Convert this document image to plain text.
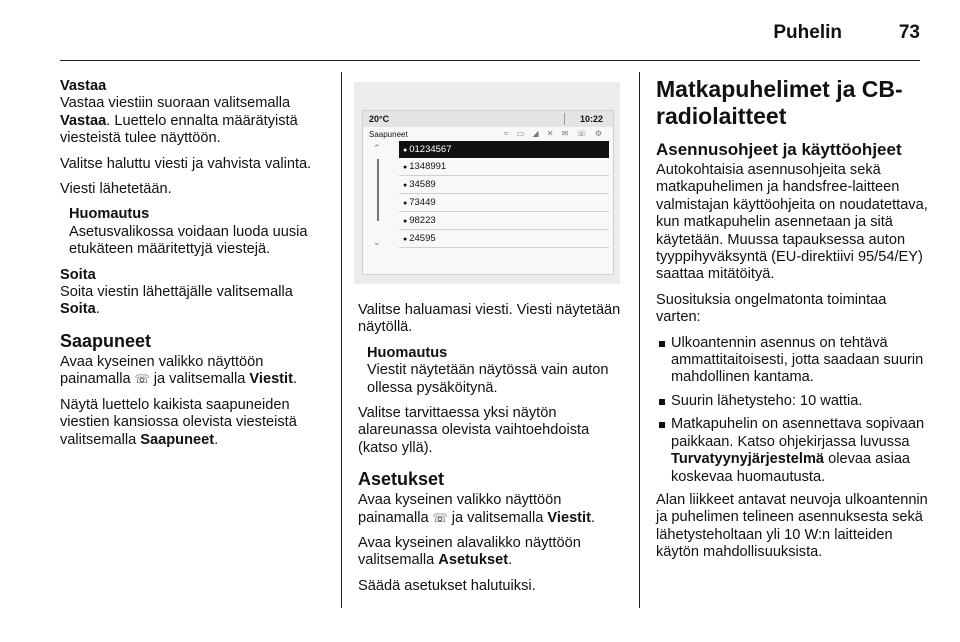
Puhelin	73

Vastaa

Vastaa viestiin suoraan valitsemalla Vastaa. Luettelo ennalta määrätyistä viesteistä tulee näyttöön.

Valitse haluttu viesti ja vahvista valinta.

Viesti lähetetään.

Huomautus
Asetusvalikossa voidaan luoda uusia etukäteen määritettyjä viestejä.

Soita

Soita viestin lähettäjälle valitsemalla Soita.

Saapuneet

Avaa kyseinen valikko näyttöön painamalla ☏ ja valitsemalla Viestit.

Näytä luettelo kaikista saapuneiden viestien kansiossa olevista viesteistä valitsemalla Saapuneet.

20°C	10:22
Saapuneet	≈ ▭ ◢ ✕ ✉ ☏ ⚙
⌃
⌄
● 01234567
● 1348991
● 34589
● 73449
● 98223
● 24595

Valitse haluamasi viesti. Viesti näytetään näytöllä.

Huomautus
Viestit näytetään näytössä vain auton ollessa pysäköitynä.

Valitse tarvittaessa yksi näytön alareunassa olevista vaihtoehdoista (katso yllä).

Asetukset

Avaa kyseinen valikko näyttöön painamalla ☏ ja valitsemalla Viestit.

Avaa kyseinen alavalikko näyttöön valitsemalla Asetukset.

Säädä asetukset halutuiksi.

Matkapuhelimet ja CB-radiolaitteet
Asennusohjeet ja käyttöohjeet

Autokohtaisia asennusohjeita sekä matkapuhelimen ja handsfree-laitteen valmistajan käyttöohjeita on noudatettava, kun matkapuhelin asennetaan ja sitä käytetään. Muussa tapauksessa auton tyyppihyväksyntä (EU-direktiivi 95/54/EY) saattaa mitätöityä.

Suosituksia ongelmatonta toimintaa varten:

Ulkoantennin asennus on tehtävä ammattitaitoisesti, jotta saadaan suurin mahdollinen kantama.
Suurin lähetysteho: 10 wattia.
Matkapuhelin on asennettava sopivaan paikkaan. Katso ohjekirjassa luvussa Turvatyynyjärjestelmä olevaa asiaa koskevaa huomautusta.

Alan liikkeet antavat neuvoja ulkoantennin ja puhelimen telineen asennuksesta sekä lähetysteholtaan yli 10 W:n laitteiden käytön mahdollisuuksista.
